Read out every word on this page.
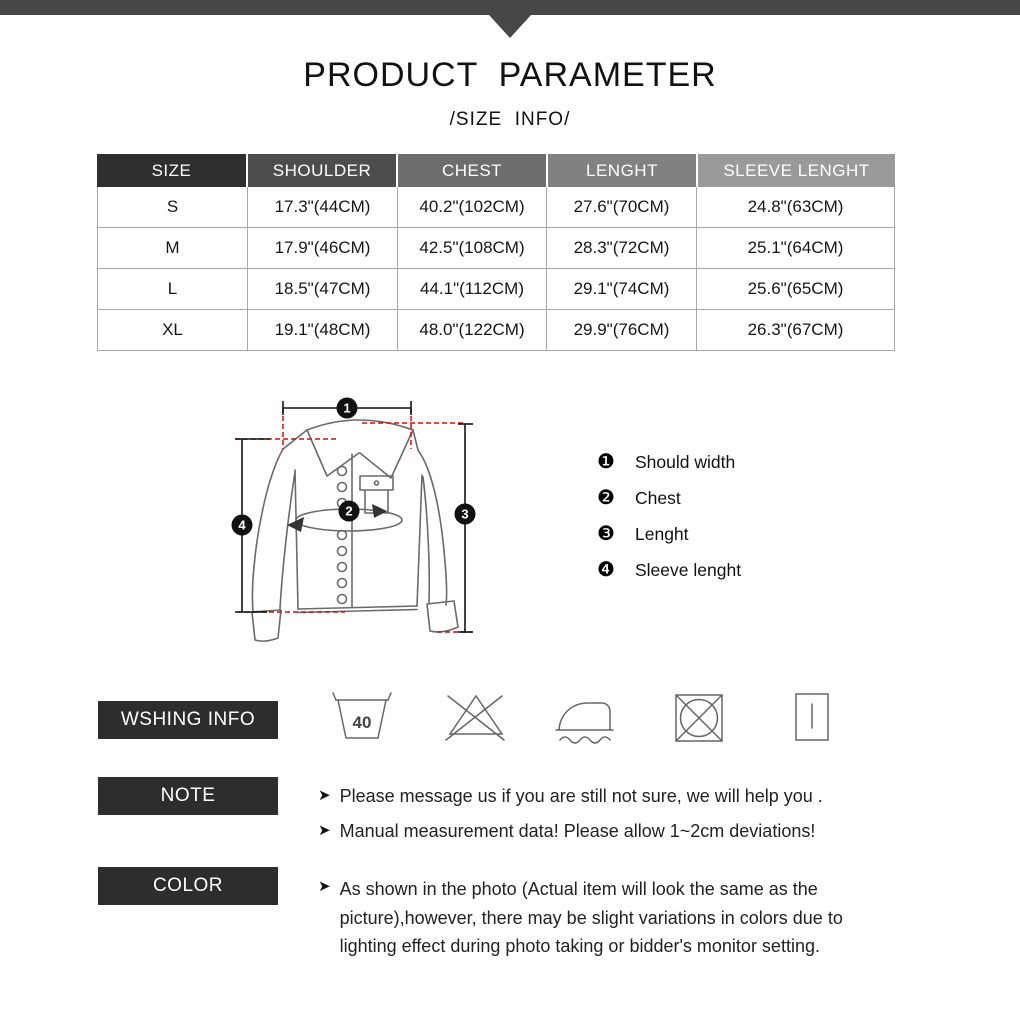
PRODUCT  PARAMETER
/SIZE  INFO/
SIZE	SHOULDER	CHEST	LENGHT	SLEEVE LENGHT
S	17.3"(44CM)	40.2"(102CM)	27.6"(70CM)	24.8"(63CM)
M	17.9"(46CM)	42.5"(108CM)	28.3"(72CM)	25.1"(64CM)
L	18.5"(47CM)	44.1"(112CM)	29.1"(74CM)	25.6"(65CM)
XL	19.1"(48CM)	48.0"(122CM)	29.9"(76CM)	26.3"(67CM)
1
2	3
4
❶	Should width
❷	Chest
❸	Lenght
❹	Sleeve lenght
WSHING INFO	40
NOTE	➤ Please message us if you are still not sure, we will help you .
➤ Manual measurement data! Please allow 1~2cm deviations!
COLOR	➤ As shown in the photo (Actual item will look the same as the picture),however, there may be slight variations in colors due to lighting effect during photo taking or bidder's monitor setting.
